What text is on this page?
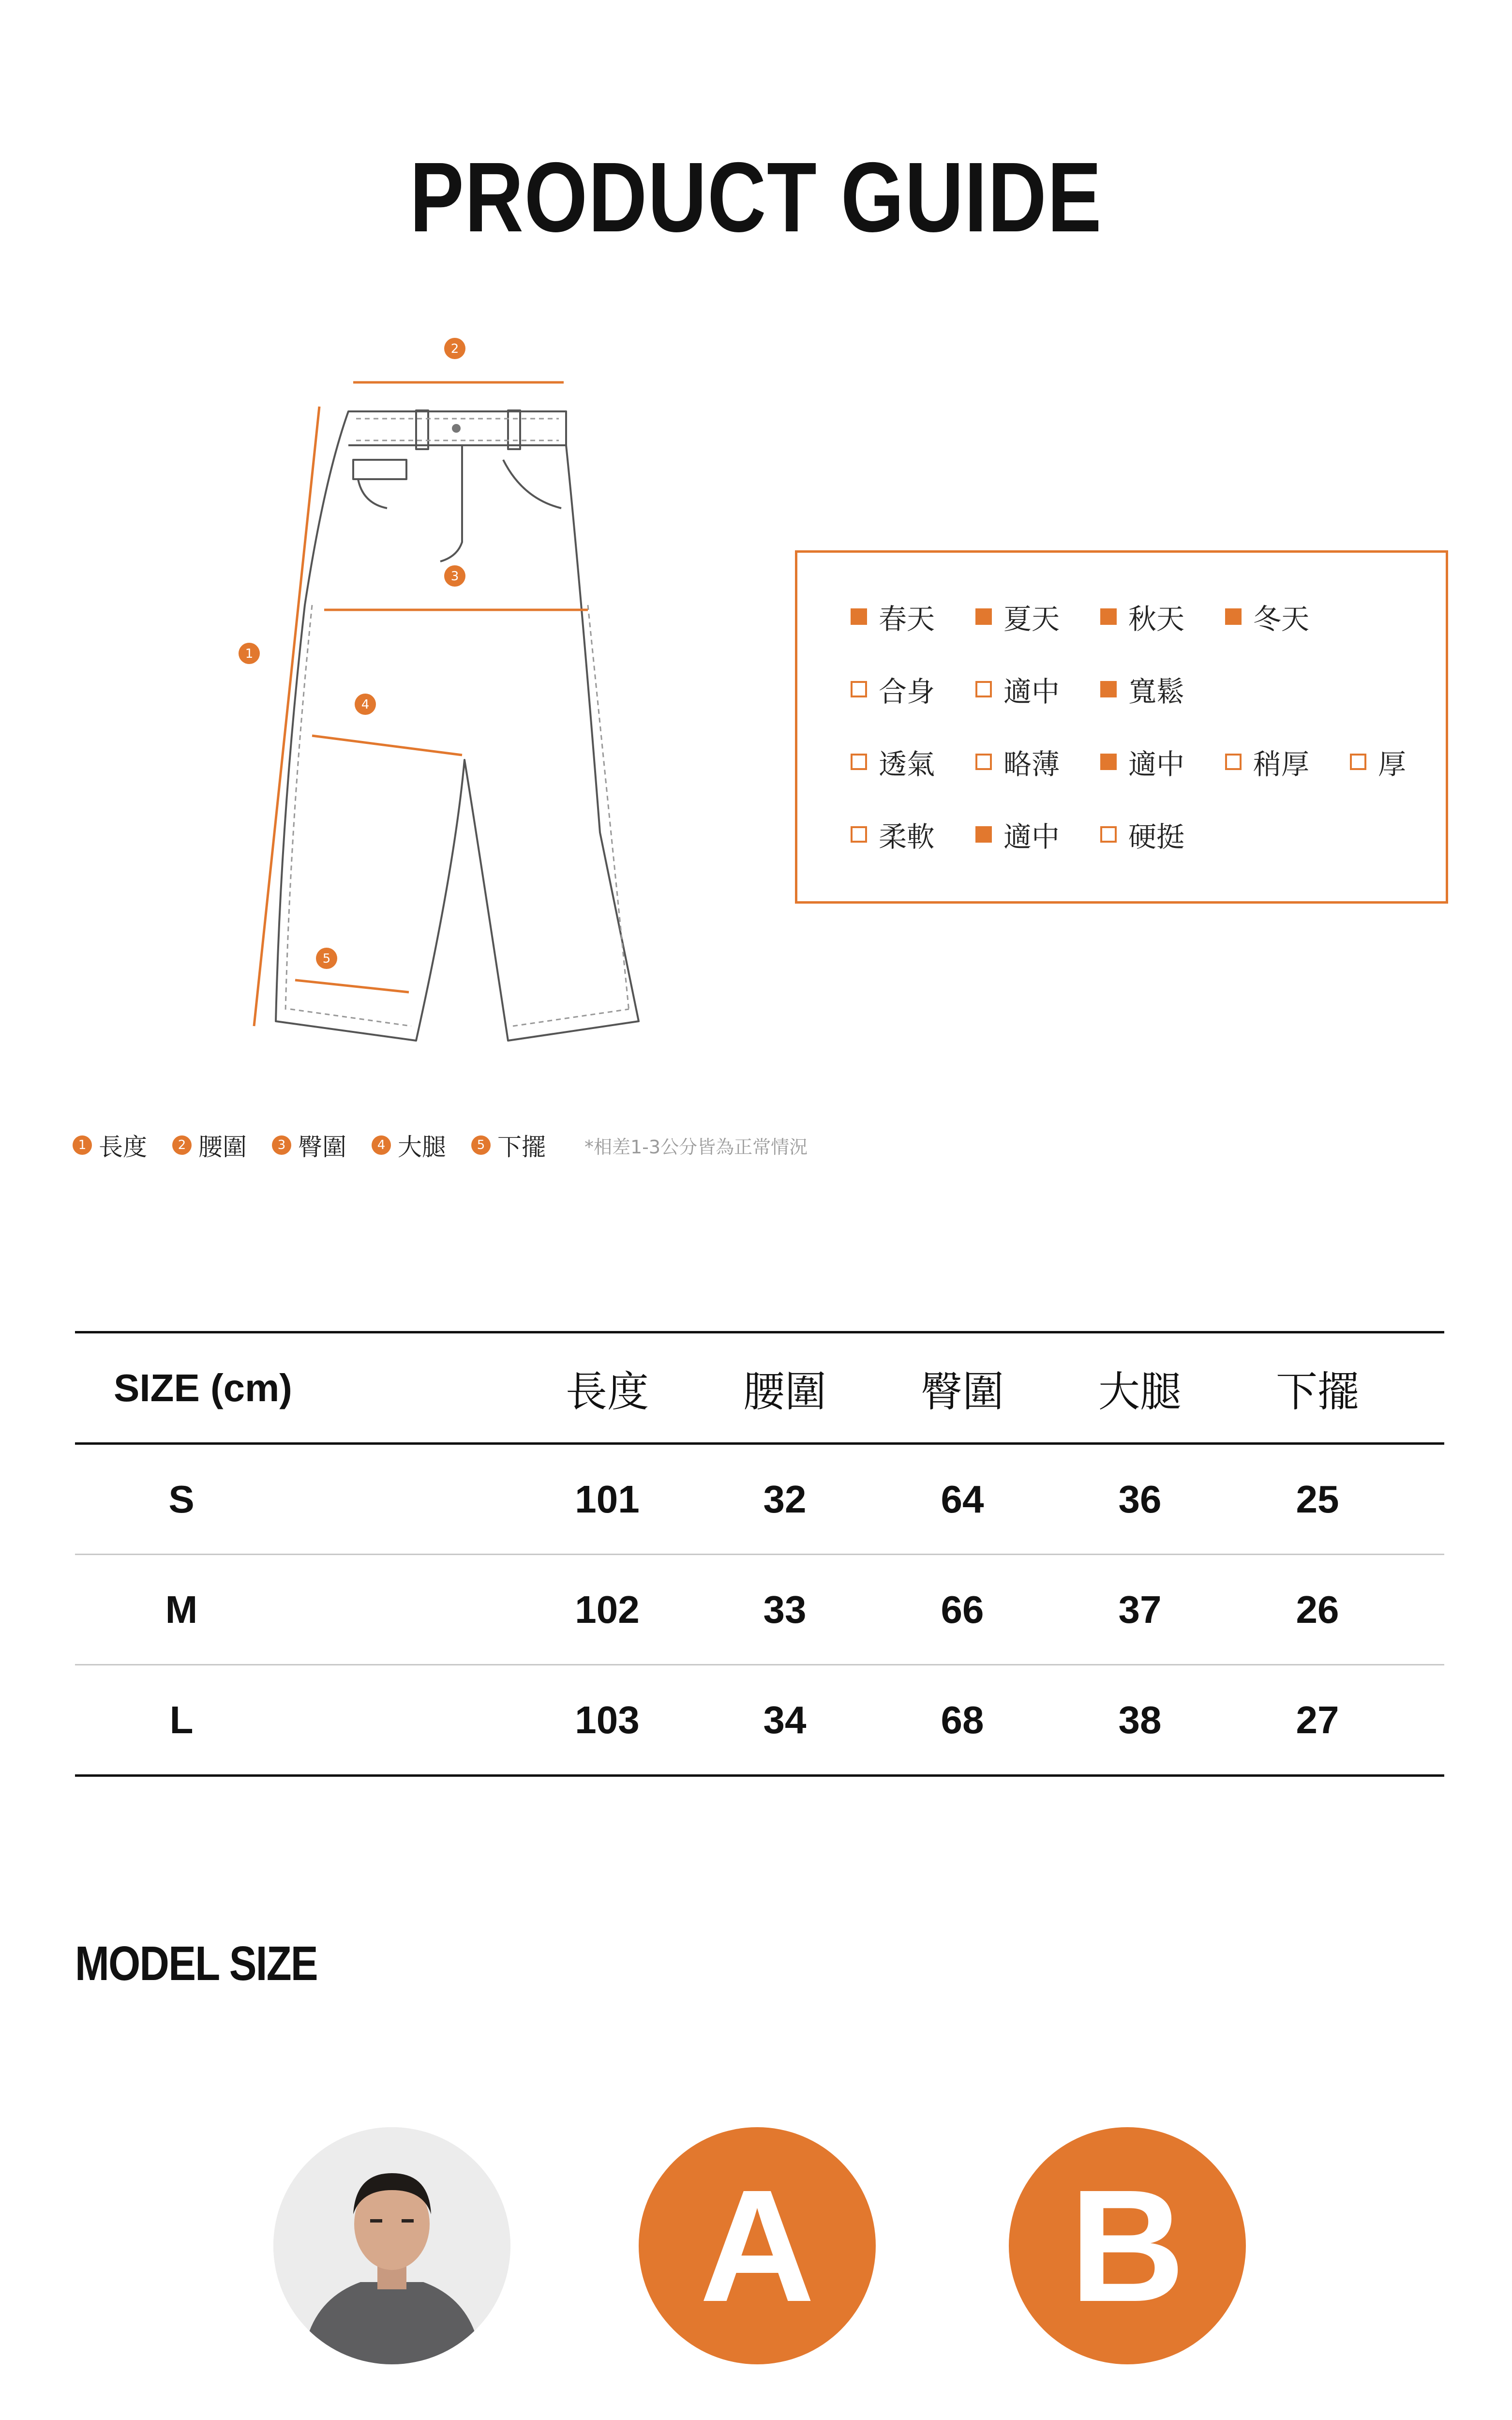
PRODUCT GUIDE
2
3
4
5
1
1 長度	2 腰圍	3 臀圍	4 大腿	5 下擺 *相差1-3公分皆為正常情況
春天 夏天 秋天 冬天
合身 適中 寬鬆
透氣 略薄 適中 稍厚 厚
柔軟 適中 硬挺
SIZE (cm)	長度	腰圍	臀圍	大腿	下擺
S	101	32	64	36	25
M	102	33	66	37	26
L	103	34	68	38	27
MODEL SIZE
A	B
